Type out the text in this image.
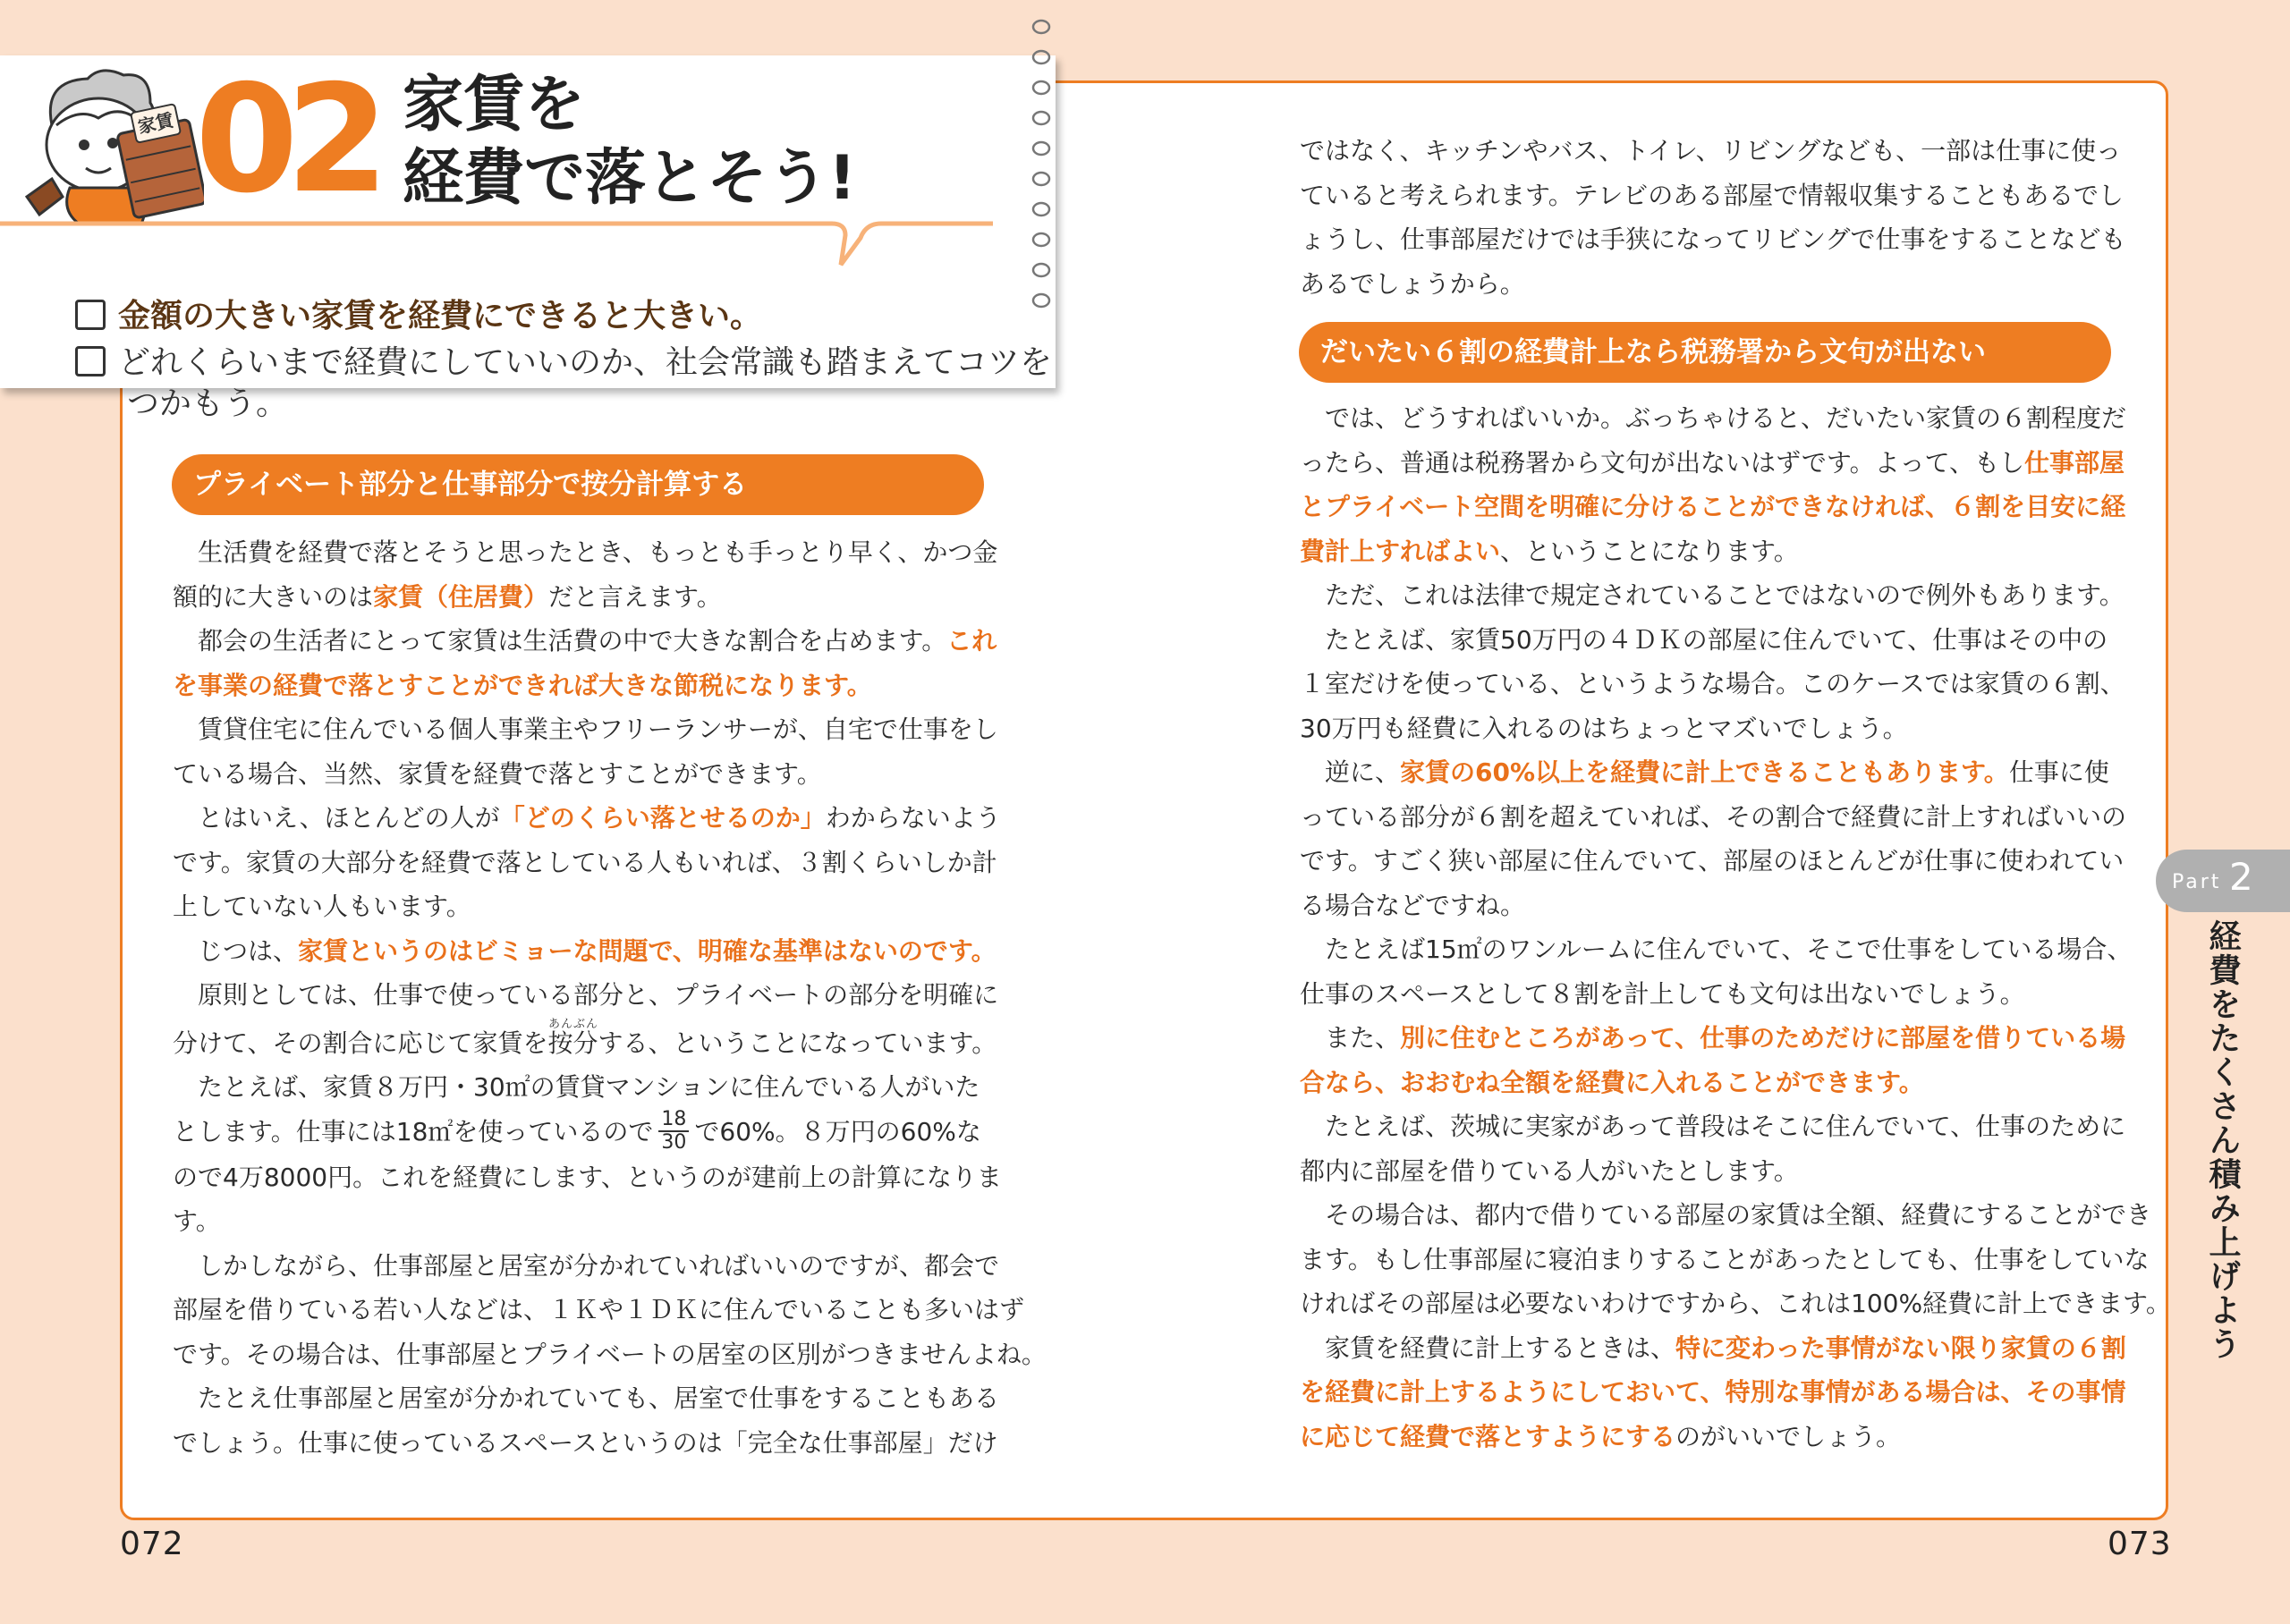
家賃 02 家賃を
経費で落とそう!
金額の大きい家賃を経費にできると大きい。
どれくらいまで経費にしていいのか、社会常識も踏まえてコツを
つかもう。
プライベート部分と仕事部分で按分計算する

　生活費を経費で落とそうと思ったとき、もっとも手っとり早く、かつ金

額的に大きいのは家賃（住居費）だと言えます。

　都会の生活者にとって家賃は生活費の中で大きな割合を占めます。これ

を事業の経費で落とすことができれば大きな節税になります。

　賃貸住宅に住んでいる個人事業主やフリーランサーが、自宅で仕事をし

ている場合、当然、家賃を経費で落とすことができます。

　とはいえ、ほとんどの人が「どのくらい落とせるのか」わからないよう

です。家賃の大部分を経費で落としている人もいれば、３割くらいしか計

上していない人もいます。

　じつは、家賃というのはビミョーな問題で、明確な基準はないのです。

　原則としては、仕事で使っている部分と、プライベートの部分を明確に

分けて、その割合に応じて家賃を按分あんぶんする、ということになっています。

　たとえば、家賃８万円・30㎡の賃貸マンションに住んでいる人がいた

とします。仕事には18㎡を使っているので $\frac{18}{30}$ で60%。８万円の60%な

ので4万8000円。これを経費にします、というのが建前上の計算になりま

す。

　しかしながら、仕事部屋と居室が分かれていればいいのですが、都会で

部屋を借りている若い人などは、１Ｋや１ＤＫに住んでいることも多いはず

です。その場合は、仕事部屋とプライベートの居室の区別がつきませんよね。

　たとえ仕事部屋と居室が分かれていても、居室で仕事をすることもある

でしょう。仕事に使っているスペースというのは「完全な仕事部屋」だけ

ではなく、キッチンやバス、トイレ、リビングなども、一部は仕事に使っ

ていると考えられます。テレビのある部屋で情報収集することもあるでし

ょうし、仕事部屋だけでは手狭になってリビングで仕事をすることなども

あるでしょうから。

だいたい６割の経費計上なら税務署から文句が出ない

　では、どうすればいいか。ぶっちゃけると、だいたい家賃の６割程度だ

ったら、普通は税務署から文句が出ないはずです。よって、もし仕事部屋

とプライベート空間を明確に分けることができなければ、６割を目安に経

費計上すればよい、ということになります。

　ただ、これは法律で規定されていることではないので例外もあります。

　たとえば、家賃50万円の４ＤＫの部屋に住んでいて、仕事はその中の

１室だけを使っている、というような場合。このケースでは家賃の６割、

30万円も経費に入れるのはちょっとマズいでしょう。

　逆に、家賃の60%以上を経費に計上できることもあります。仕事に使

っている部分が６割を超えていれば、その割合で経費に計上すればいいの

です。すごく狭い部屋に住んでいて、部屋のほとんどが仕事に使われてい

る場合などですね。

　たとえば15㎡のワンルームに住んでいて、そこで仕事をしている場合、

仕事のスペースとして８割を計上しても文句は出ないでしょう。

　また、別に住むところがあって、仕事のためだけに部屋を借りている場

合なら、おおむね全額を経費に入れることができます。

　たとえば、茨城に実家があって普段はそこに住んでいて、仕事のために

都内に部屋を借りている人がいたとします。

　その場合は、都内で借りている部屋の家賃は全額、経費にすることができ

ます。もし仕事部屋に寝泊まりすることがあったとしても、仕事をしていな

ければその部屋は必要ないわけですから、これは100%経費に計上できます。

　家賃を経費に計上するときは、特に変わった事情がない限り家賃の６割

を経費に計上するようにしておいて、特別な事情がある場合は、その事情

に応じて経費で落とすようにするのがいいでしょう。

Part 2
経費をたくさん積み上げよう
072	073
